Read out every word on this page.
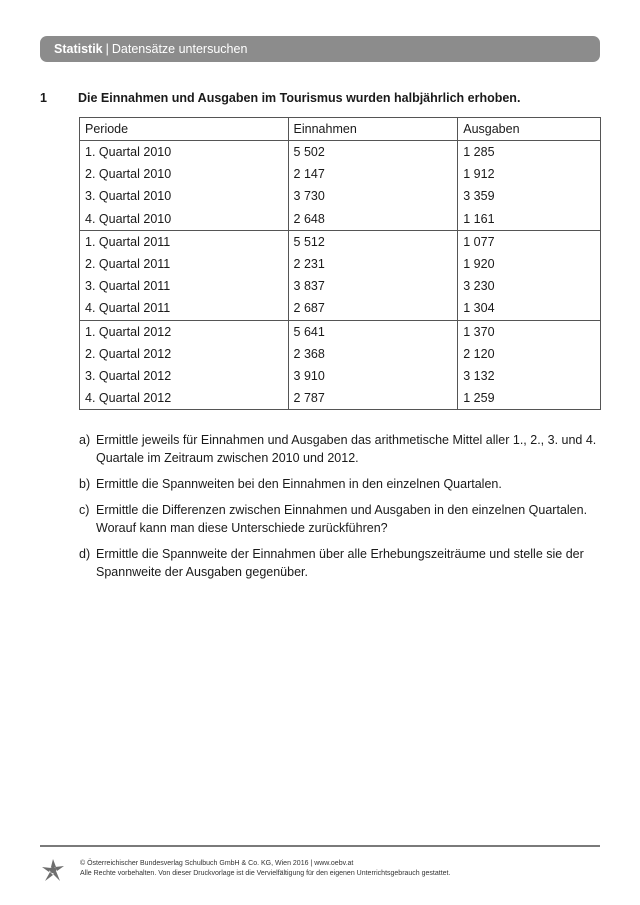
Statistik | Datensätze untersuchen
1 Die Einnahmen und Ausgaben im Tourismus wurden halbjährlich erhoben.
Periode	Einnahmen	Ausgaben
1. Quartal 2010	5 502	1 285
2. Quartal 2010	2 147	1 912
3. Quartal 2010	3 730	3 359
4. Quartal 2010	2 648	1 161
1. Quartal 2011	5 512	1 077
2. Quartal 2011	2 231	1 920
3. Quartal 2011	3 837	3 230
4. Quartal 2011	2 687	1 304
1. Quartal 2012	5 641	1 370
2. Quartal 2012	2 368	2 120
3. Quartal 2012	3 910	3 132
4. Quartal 2012	2 787	1 259
a) Ermittle jeweils für Einnahmen und Ausgaben das arithmetische Mittel aller 1., 2., 3. und 4. Quartale im Zeitraum zwischen 2010 und 2012.
b) Ermittle die Spannweiten bei den Einnahmen in den einzelnen Quartalen.
c) Ermittle die Differenzen zwischen Einnahmen und Ausgaben in den einzelnen Quartalen. Worauf kann man diese Unterschiede zurückführen?
d) Ermittle die Spannweite der Einnahmen über alle Erhebungszeiträume und stelle sie der Spannweite der Ausgaben gegenüber.
© Österreichischer Bundesverlag Schulbuch GmbH & Co. KG, Wien 2016 | www.oebv.at
Alle Rechte vorbehalten. Von dieser Druckvorlage ist die Vervielfältigung für den eigenen Unterrichtsgebrauch gestattet.
